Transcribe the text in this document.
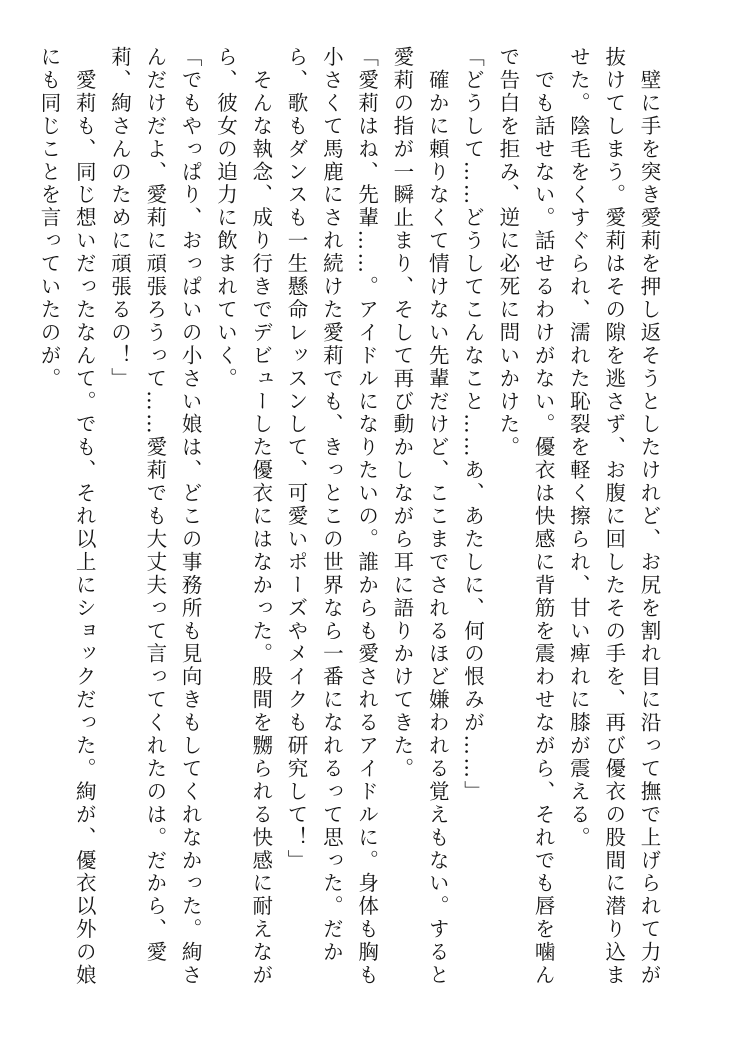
　壁に手を突き愛莉を押し返そうとしたけれど、お尻を割れ目に沿って撫で上げられて力が抜けてしまう。愛莉はその隙を逃さず、お腹に回したその手を、再び優衣の股間に潜り込ませた。陰毛をくすぐられ、濡れた恥裂を軽く擦られ、甘い痺れに膝が震える。

　でも話せない。話せるわけがない。優衣は快感に背筋を震わせながら、それでも唇を噛んで告白を拒み、逆に必死に問いかけた。

「どうして……どうしてこんなこと……あ、あたしに、何の恨みが……」

　確かに頼りなくて情けない先輩だけど、ここまでされるほど嫌われる覚えもない。すると愛莉の指が一瞬止まり、そして再び動かしながら耳に語りかけてきた。

「愛莉はね、先輩……。アイドルになりたいの。誰からも愛されるアイドルに。身体も胸も小さくて馬鹿にされ続けた愛莉でも、きっとこの世界なら一番になれるって思った。だから、歌もダンスも一生懸命レッスンして、可愛いポーズやメイクも研究して！」

　そんな執念、成り行きでデビューした優衣にはなかった。股間を嬲られる快感に耐えながら、彼女の迫力に飲まれていく。

「でもやっぱり、おっぱいの小さい娘は、どこの事務所も見向きもしてくれなかった。絢さんだけだよ、愛莉に頑張ろうって……愛莉でも大丈夫って言ってくれたのは。だから、愛莉、絢さんのために頑張るの！」

　愛莉も、同じ想いだったなんて。でも、それ以上にショックだった。絢が、優衣以外の娘にも同じことを言っていたのが。
